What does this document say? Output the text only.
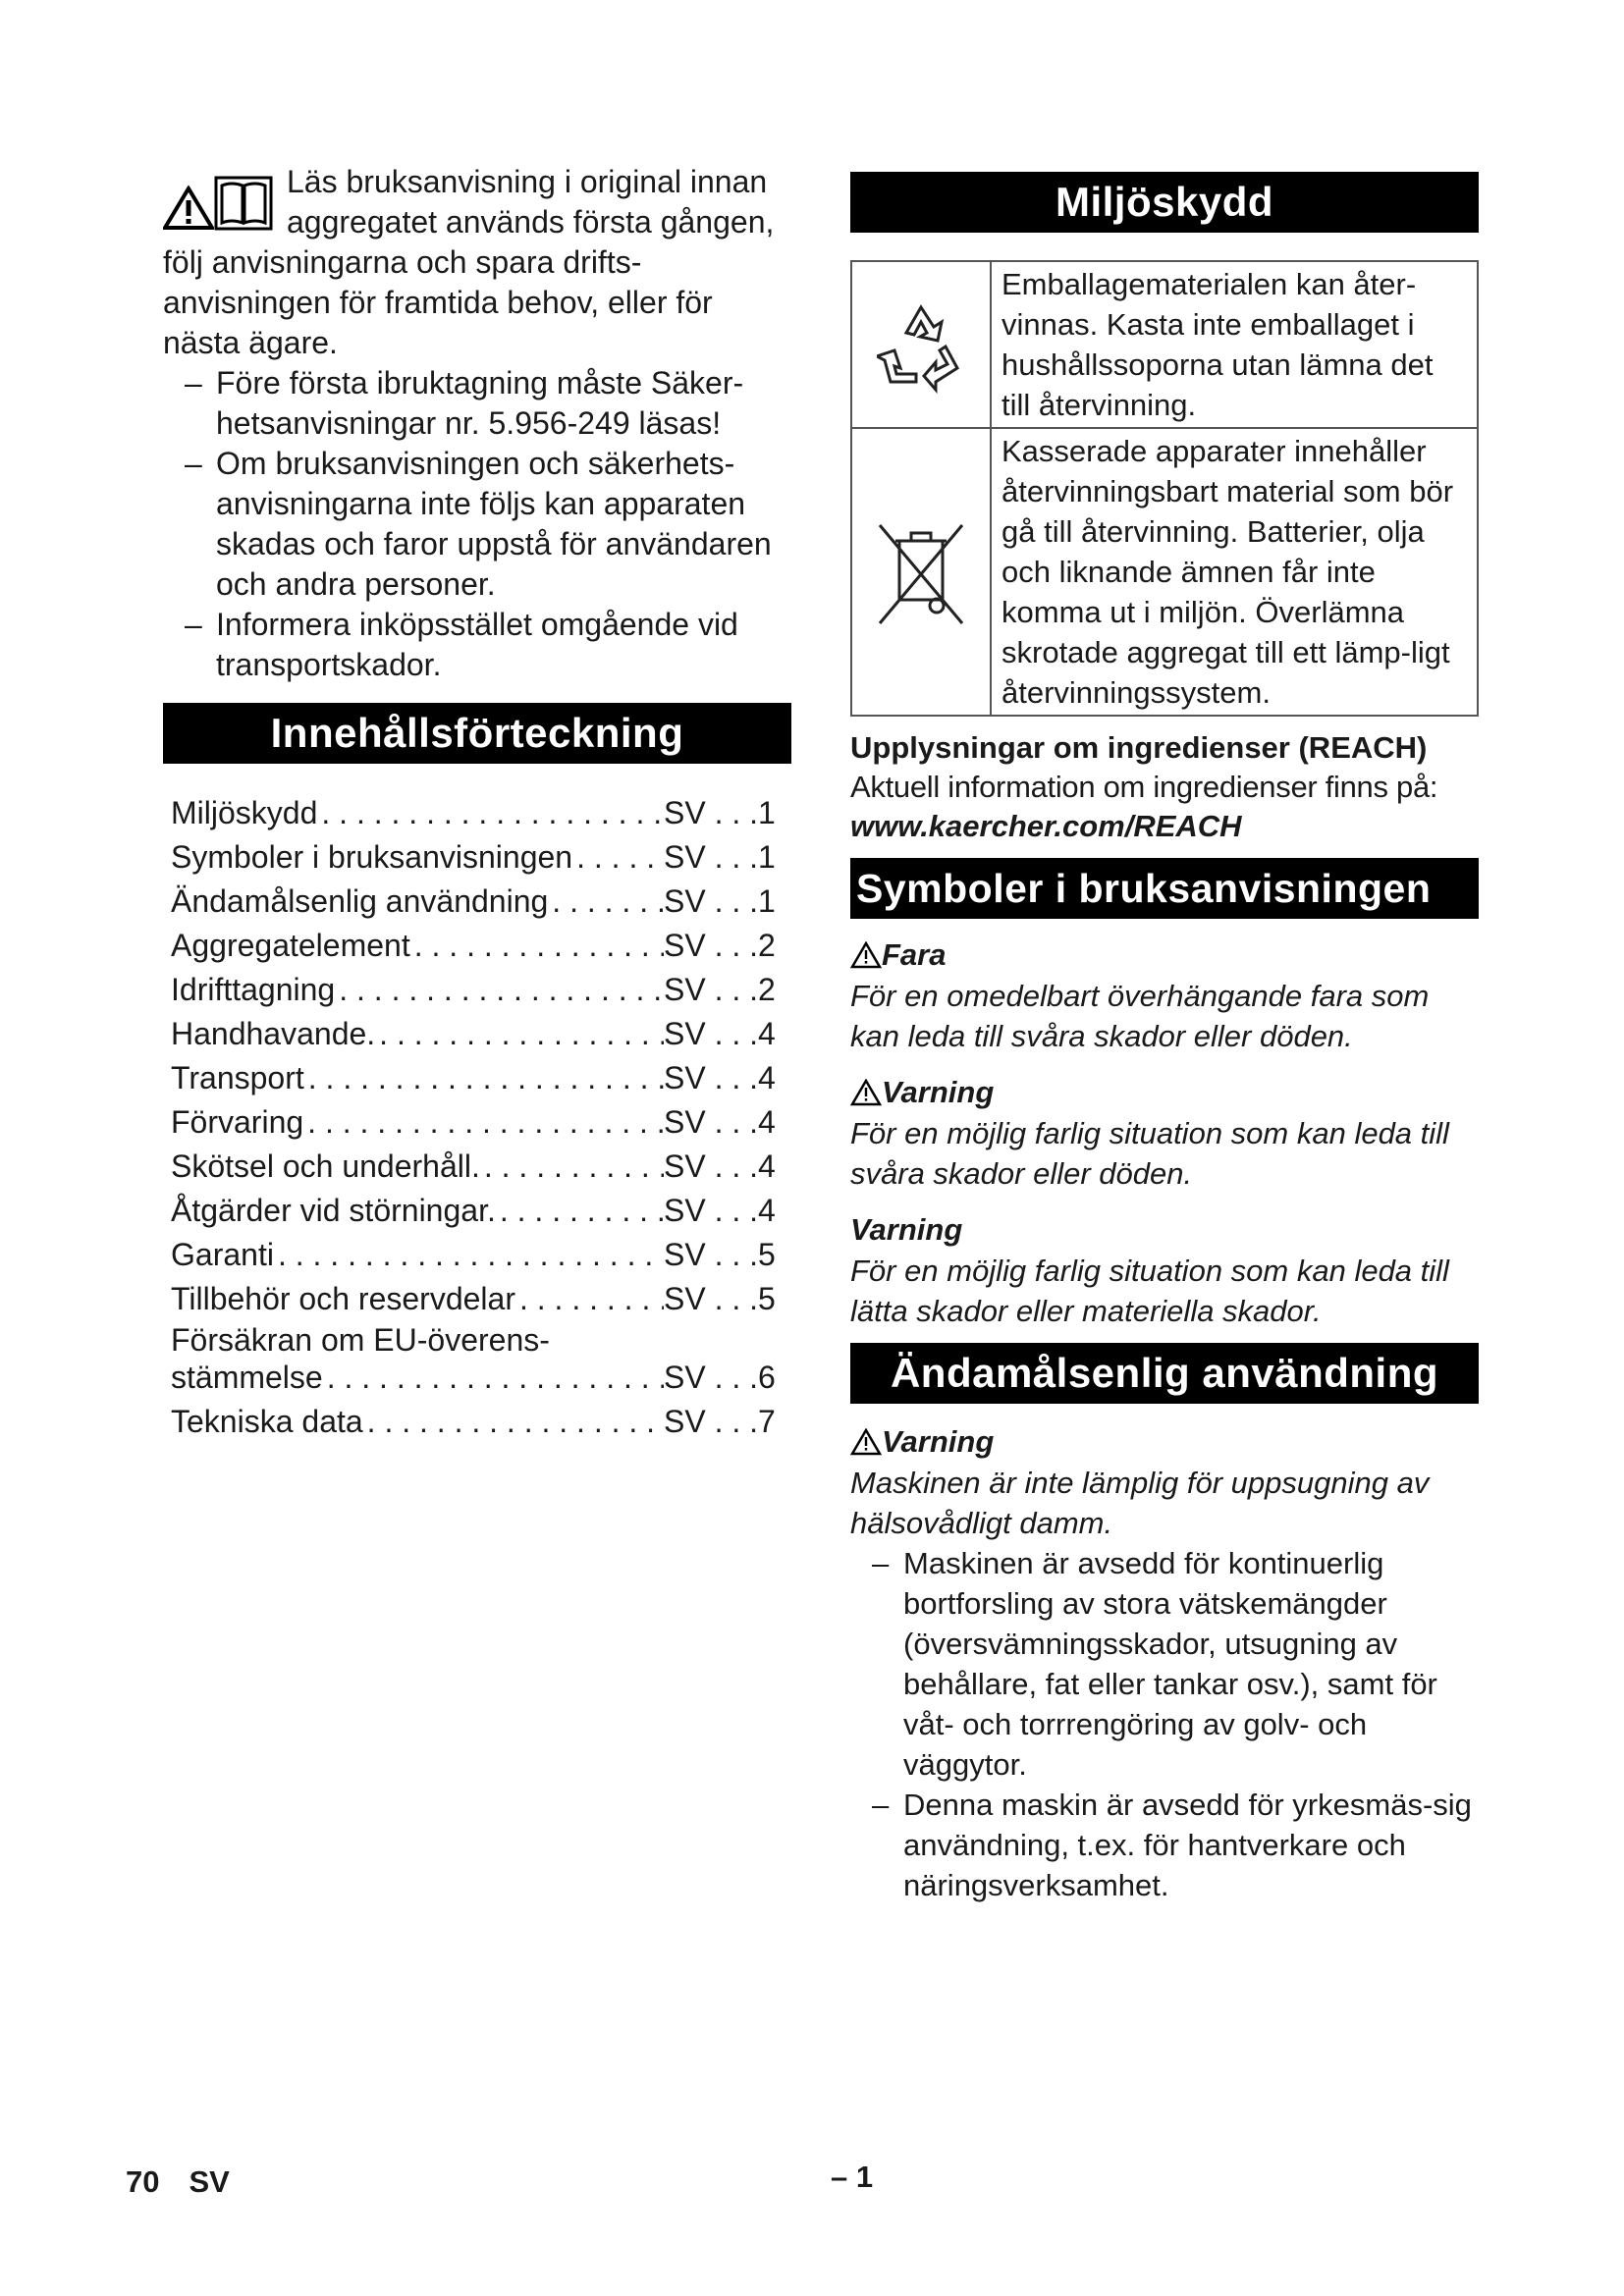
Läs bruksanvisning i original innan aggregatet används första gången, följ anvisningarna och spara drifts-anvisningen för framtida behov, eller för nästa ägare.

– Före första ibruktagning måste Säker-hetsanvisningar nr. 5.956-249 läsas!
– Om bruksanvisningen och säkerhets-anvisningarna inte följs kan apparaten skadas och faror uppstå för användaren och andra personer.
– Informera inköpsstället omgående vid transportskador.
Innehållsförteckning
Miljöskydd . . .	SV . . .1
Symboler i bruksanvisningen . . .	SV . . .1
Ändamålsenlig användning . . .	SV . . .1
Aggregatelement . . .	SV . . .2
Idrifttagning . . .	SV . . .2
Handhavande. . . .	SV . . .4
Transport . . .	SV . . .4
Förvaring . . .	SV . . .4
Skötsel och underhåll. . . .	SV . . .4
Åtgärder vid störningar. . . .	SV . . .4
Garanti . . .	SV . . .5
Tillbehör och reservdelar . . .	SV . . .5
Försäkran om EU-överens-
stämmelse . . .	SV . . .6
Tekniska data . . .	SV . . .7
Miljöskydd
	Emballagematerialen kan åter-vinnas. Kasta inte emballaget i hushållssoporna utan lämna det till återvinning.

	Kasserade apparater innehåller återvinningsbart material som bör gå till återvinning. Batterier, olja och liknande ämnen får inte komma ut i miljön. Överlämna skrotade aggregat till ett lämp-ligt återvinningssystem.

Upplysningar om ingredienser (REACH)

Aktuell information om ingredienser finns på:

www.kaercher.com/REACH

Symboler i bruksanvisningen
Fara

För en omedelbart överhängande fara som kan leda till svåra skador eller döden.

Varning

För en möjlig farlig situation som kan leda till svåra skador eller döden.

Varning

För en möjlig farlig situation som kan leda till lätta skador eller materiella skador.

Ändamålsenlig användning
Varning

Maskinen är inte lämplig för uppsugning av hälsovådligt damm.

– Maskinen är avsedd för kontinuerlig bortforsling av stora vätskemängder (översvämningsskador, utsugning av behållare, fat eller tankar osv.), samt för våt- och torrrengöring av golv- och väggytor.
– Denna maskin är avsedd för yrkesmäs-sig användning, t.ex. för hantverkare och näringsverksamhet.
70 SV	– 1
